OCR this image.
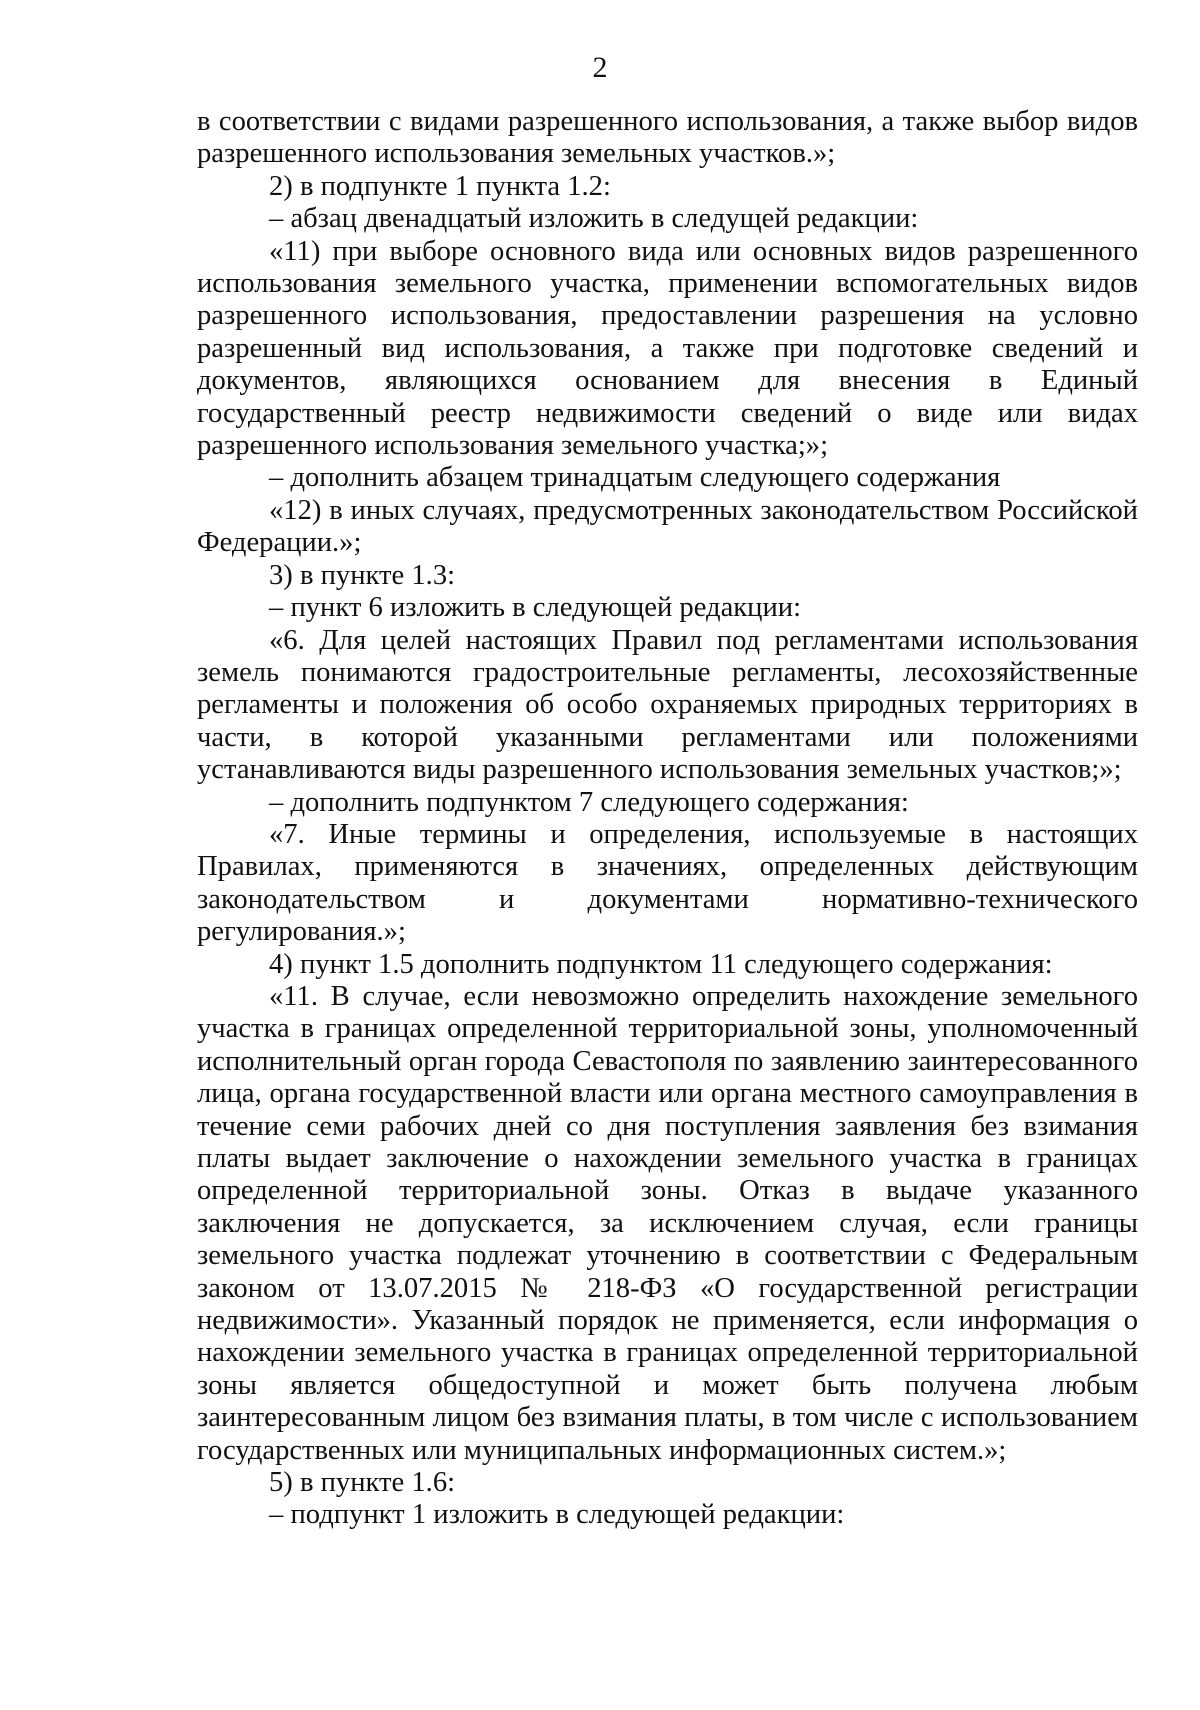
2

в соответствии с видами разрешенного использования, а также выбор видов разрешенного использования земельных участков.»;

2) в подпункте 1 пункта 1.2:

– абзац двенадцатый изложить в следущей редакции:

«11) при выборе основного вида или основных видов разрешенного использования земельного участка, применении вспомогательных видов разрешенного использования, предоставлении разрешения на условно разрешенный вид использования, а также при подготовке сведений и документов, являющихся основанием для внесения в Единый государственный реестр недвижимости сведений о виде или видах разрешенного использования земельного участка;»;

– дополнить абзацем тринадцатым следующего содержания

«12) в иных случаях, предусмотренных законодательством Российской Федерации.»;

3) в пункте 1.3:

– пункт 6 изложить в следующей редакции:

«6. Для целей настоящих Правил под регламентами использования земель понимаются градостроительные регламенты, лесохозяйственные регламенты и положения об особо охраняемых природных территориях в части, в которой указанными регламентами или положениями устанавливаются виды разрешенного использования земельных участков;»;

– дополнить подпунктом 7 следующего содержания:

«7. Иные термины и определения, используемые в настоящих Правилах, применяются в значениях, определенных действующим законодательством и документами нормативно-технического регулирования.»;

4) пункт 1.5 дополнить подпунктом 11 следующего содержания:

«11. В случае, если невозможно определить нахождение земельного участка в границах определенной территориальной зоны, уполномоченный исполнительный орган города Севастополя по заявлению заинтересованного лица, органа государственной власти или органа местного самоуправления в течение семи рабочих дней со дня поступления заявления без взимания платы выдает заключение о нахождении земельного участка в границах определенной территориальной зоны. Отказ в выдаче указанного заключения не допускается, за исключением случая, если границы земельного участка подлежат уточнению в соответствии с Федеральным законом от 13.07.2015 № 218-ФЗ «О государственной регистрации недвижимости». Указанный порядок не применяется, если информация о нахождении земельного участка в границах определенной территориальной зоны является общедоступной и может быть получена любым заинтересованным лицом без взимания платы, в том числе с использованием государственных или муниципальных информационных систем.»;

5) в пункте 1.6:

– подпункт 1 изложить в следующей редакции:
